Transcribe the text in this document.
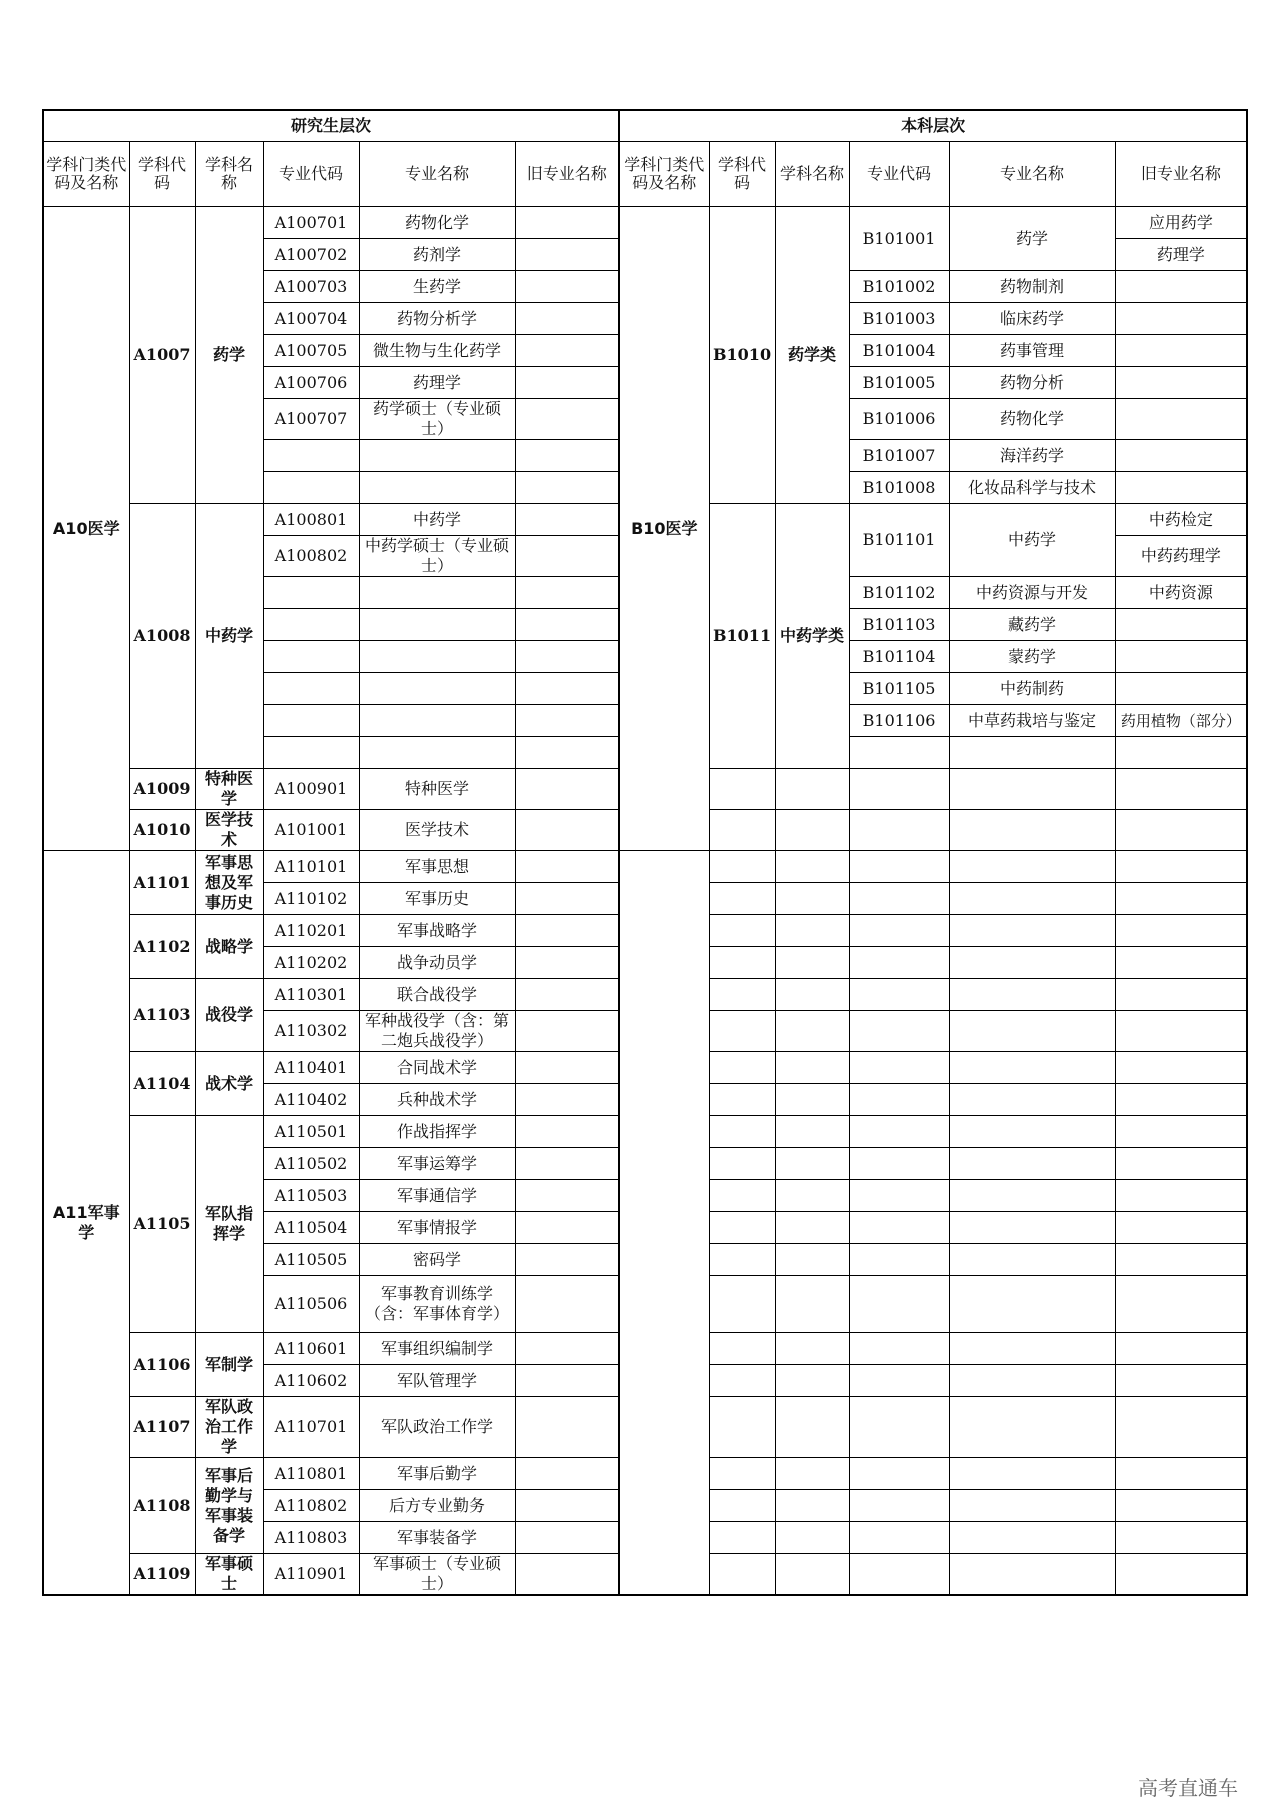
研究生层次						本科层次					
学科门类代码及名称	学科代码	学科名称	专业代码	专业名称	旧专业名称	学科门类代码及名称	学科代码	学科名称	专业代码	专业名称	旧专业名称
A10医学	A1007	药学	A100701	药物化学		B10医学	B1010	药学类	B101001	药学	应用药学
			A100702	药剂学							药理学
			A100703	生药学					B101002	药物制剂	
			A100704	药物分析学					B101003	临床药学	
			A100705	微生物与生化药学					B101004	药事管理	
			A100706	药理学					B101005	药物分析	
			A100707	药学硕士（专业硕士）					B101006	药物化学	
									B101007	海洋药学	
									B101008	化妆品科学与技术	
	A1008	中药学	A100801	中药学			B1011	中药学类	B101101	中药学	中药检定
			A100802	中药学硕士（专业硕士）							中药药理学
									B101102	中药资源与开发	中药资源
									B101103	藏药学	
									B101104	蒙药学	
									B101105	中药制药	
									B101106	中草药栽培与鉴定	药用植物（部分）

	A1009	特种医学	A100901	特种医学							
	A1010	医学技术	A101001	医学技术							
A11军事学	A1101	军事思想及军事历史	A110101	军事思想							
			A110102	军事历史							
	A1102	战略学	A110201	军事战略学							
			A110202	战争动员学							
	A1103	战役学	A110301	联合战役学							
			A110302	军种战役学（含：第二炮兵战役学）							
	A1104	战术学	A110401	合同战术学							
			A110402	兵种战术学							
	A1105	军队指挥学	A110501	作战指挥学							
			A110502	军事运筹学							
			A110503	军事通信学							
			A110504	军事情报学							
			A110505	密码学							
			A110506	军事教育训练学（含：军事体育学）							
	A1106	军制学	A110601	军事组织编制学							
			A110602	军队管理学							
	A1107	军队政治工作学	A110701	军队政治工作学							
	A1108	军事后勤学与军事装备学	A110801	军事后勤学							
			A110802	后方专业勤务							
			A110803	军事装备学							
	A1109	军事硕士	A110901	军事硕士（专业硕士）							
高考直通车
